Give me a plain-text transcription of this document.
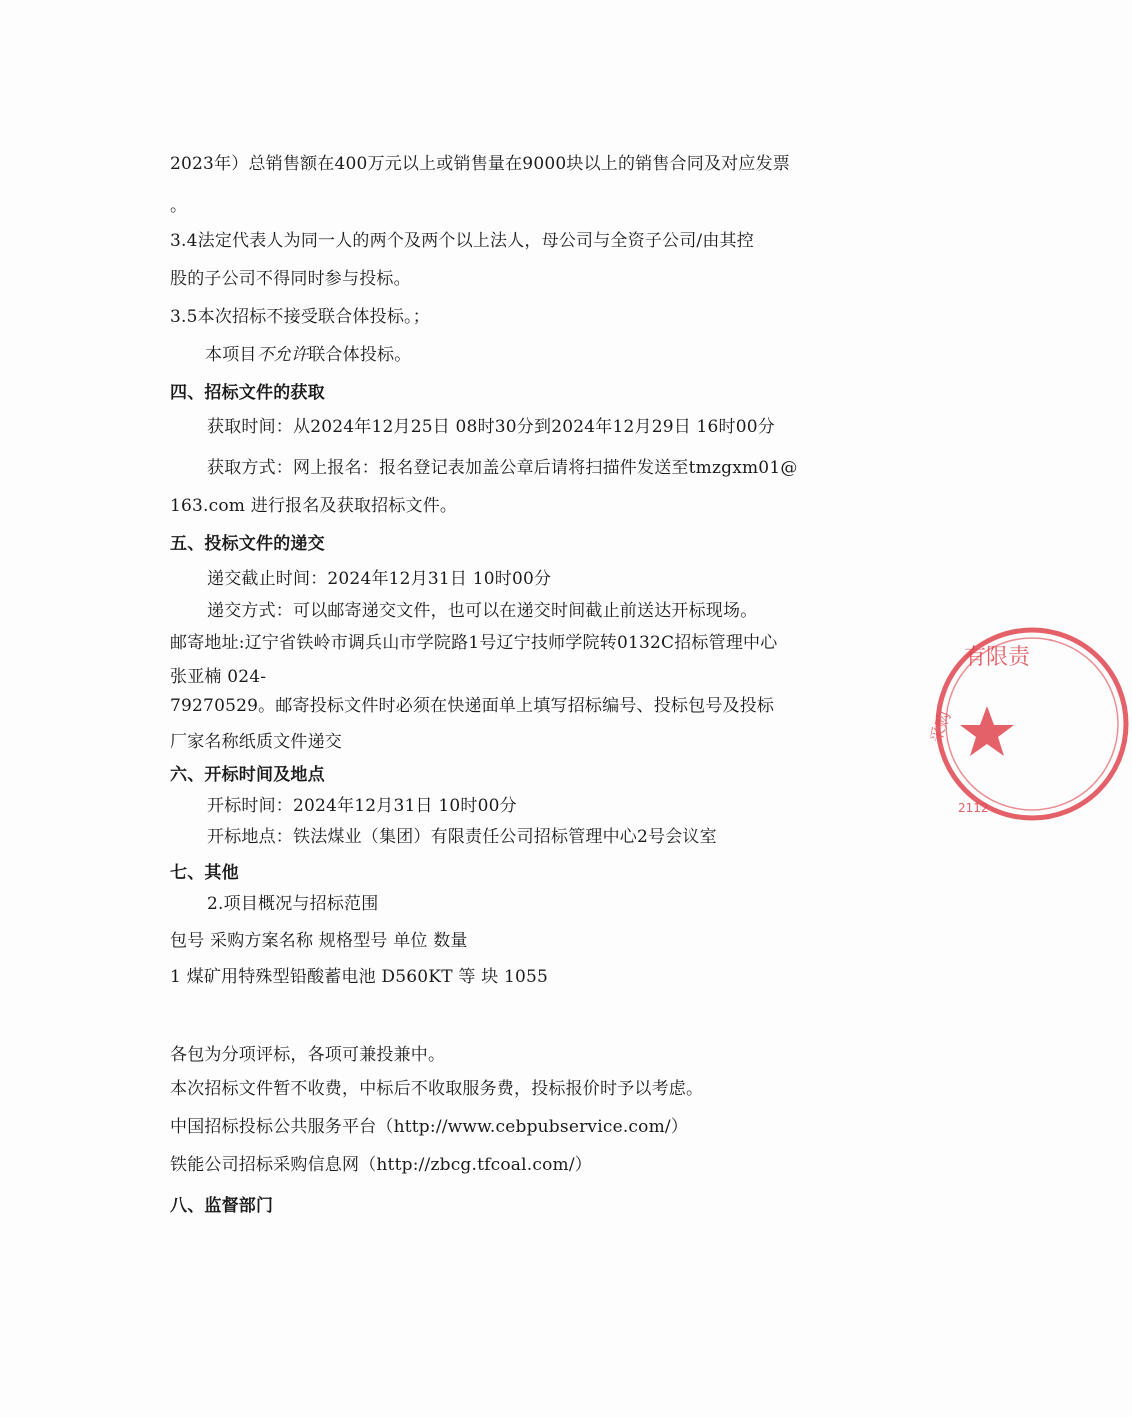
2023年）总销售额在400万元以上或销售量在9000块以上的销售合同及对应发票
。
3.4法定代表人为同一人的两个及两个以上法人，母公司与全资子公司/由其控
股的子公司不得同时参与投标。
3.5本次招标不接受联合体投标。；
本项目不允许联合体投标。
四、招标文件的获取
获取时间：从2024年12月25日 08时30分到2024年12月29日 16时00分
获取方式：网上报名：报名登记表加盖公章后请将扫描件发送至tmzgxm01@
163.com 进行报名及获取招标文件。
五、投标文件的递交
递交截止时间：2024年12月31日 10时00分
递交方式：可以邮寄递交文件，也可以在递交时间截止前送达开标现场。
邮寄地址:辽宁省铁岭市调兵山市学院路1号辽宁技师学院转0132C招标管理中心
张亚楠 024-
79270529。邮寄投标文件时必须在快递面单上填写招标编号、投标包号及投标
厂家名称纸质文件递交
六、开标时间及地点
开标时间：2024年12月31日 10时00分
开标地点：铁法煤业（集团）有限责任公司招标管理中心2号会议室
七、其他
2.项目概况与招标范围
包号 采购方案名称 规格型号 单位 数量
1 煤矿用特殊型铅酸蓄电池 D560KT 等 块 1055
各包为分项评标，各项可兼投兼中。
本次招标文件暂不收费，中标后不收取服务费，投标报价时予以考虑。
中国招标投标公共服务平台（http://www.cebpubservice.com/）
铁能公司招标采购信息网（http://zbcg.tfcoal.com/）
八、监督部门
有限责
采购
2112
